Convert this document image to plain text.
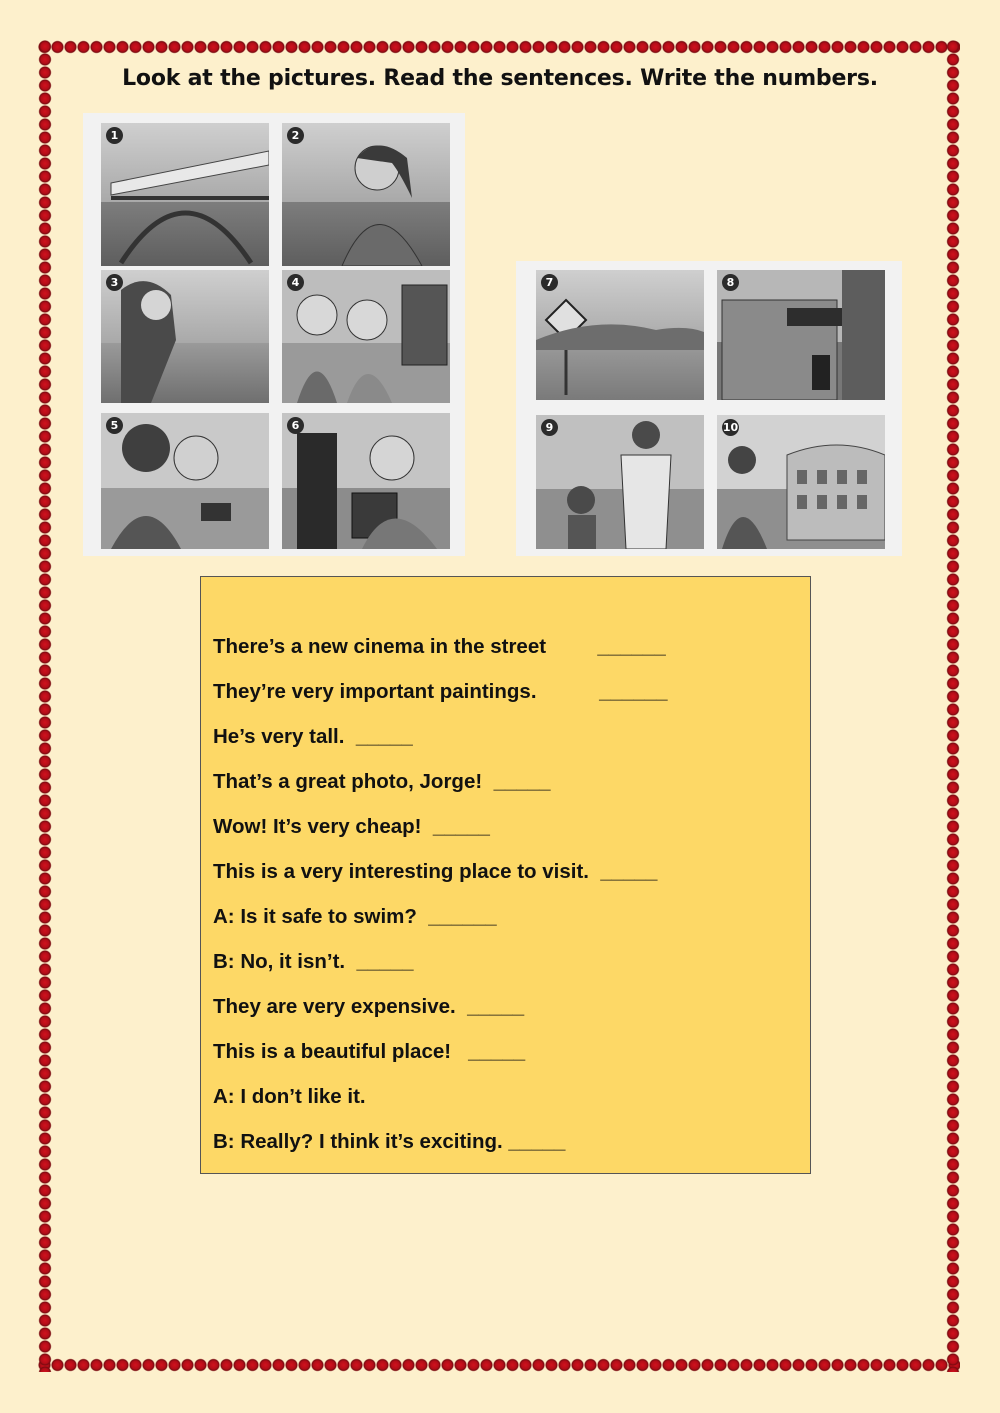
Look at the pictures. Read the sentences. Write the numbers.
1	2
3	4
5	6
7	8
9	10
There’s a new cinema in the street         ______
They’re very important paintings.           ______
He’s very tall.  _____
That’s a great photo, Jorge!  _____
Wow! It’s very cheap!  _____
This is a very interesting place to visit.  _____
A: Is it safe to swim?  ______
B: No, it isn’t.  _____
They are very expensive.  _____
This is a beautiful place!   _____
A: I don’t like it.
B: Really? I think it’s exciting. _____
